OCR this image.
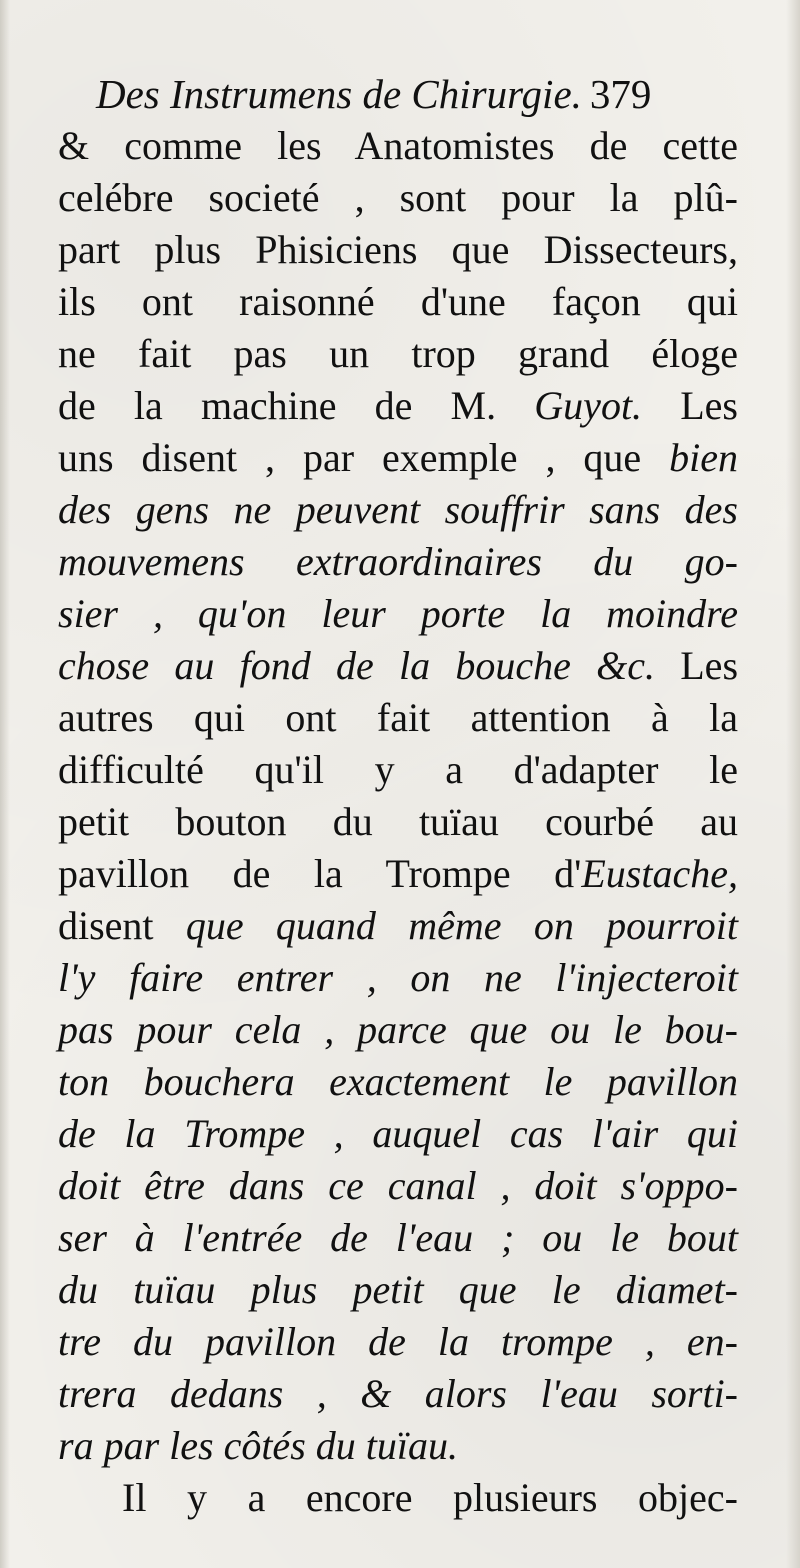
Des Instrumens de Chirurgie. 379
& comme les Anatomistes de cette
celébre societé , sont pour la plû-
part plus Phisiciens que Dissecteurs,
ils ont raisonné d'une façon qui
ne fait pas un trop grand éloge
de la machine de M. Guyot. Les
uns disent , par exemple , que bien
des gens ne peuvent souffrir sans des
mouvemens extraordinaires du go-
sier , qu'on leur porte la moindre
chose au fond de la bouche &c. Les
autres qui ont fait attention à la
difficulté qu'il y a d'adapter le
petit bouton du tuïau courbé au
pavillon de la Trompe d'Eustache,
disent que quand même on pourroit
l'y faire entrer , on ne l'injecteroit
pas pour cela , parce que ou le bou-
ton bouchera exactement le pavillon
de la Trompe , auquel cas l'air qui
doit être dans ce canal , doit s'oppo-
ser à l'entrée de l'eau ; ou le bout
du tuïau plus petit que le diamet-
tre du pavillon de la trompe , en-
trera dedans , & alors l'eau sorti-
ra par les côtés du tuïau.
Il y a encore plusieurs objec-
